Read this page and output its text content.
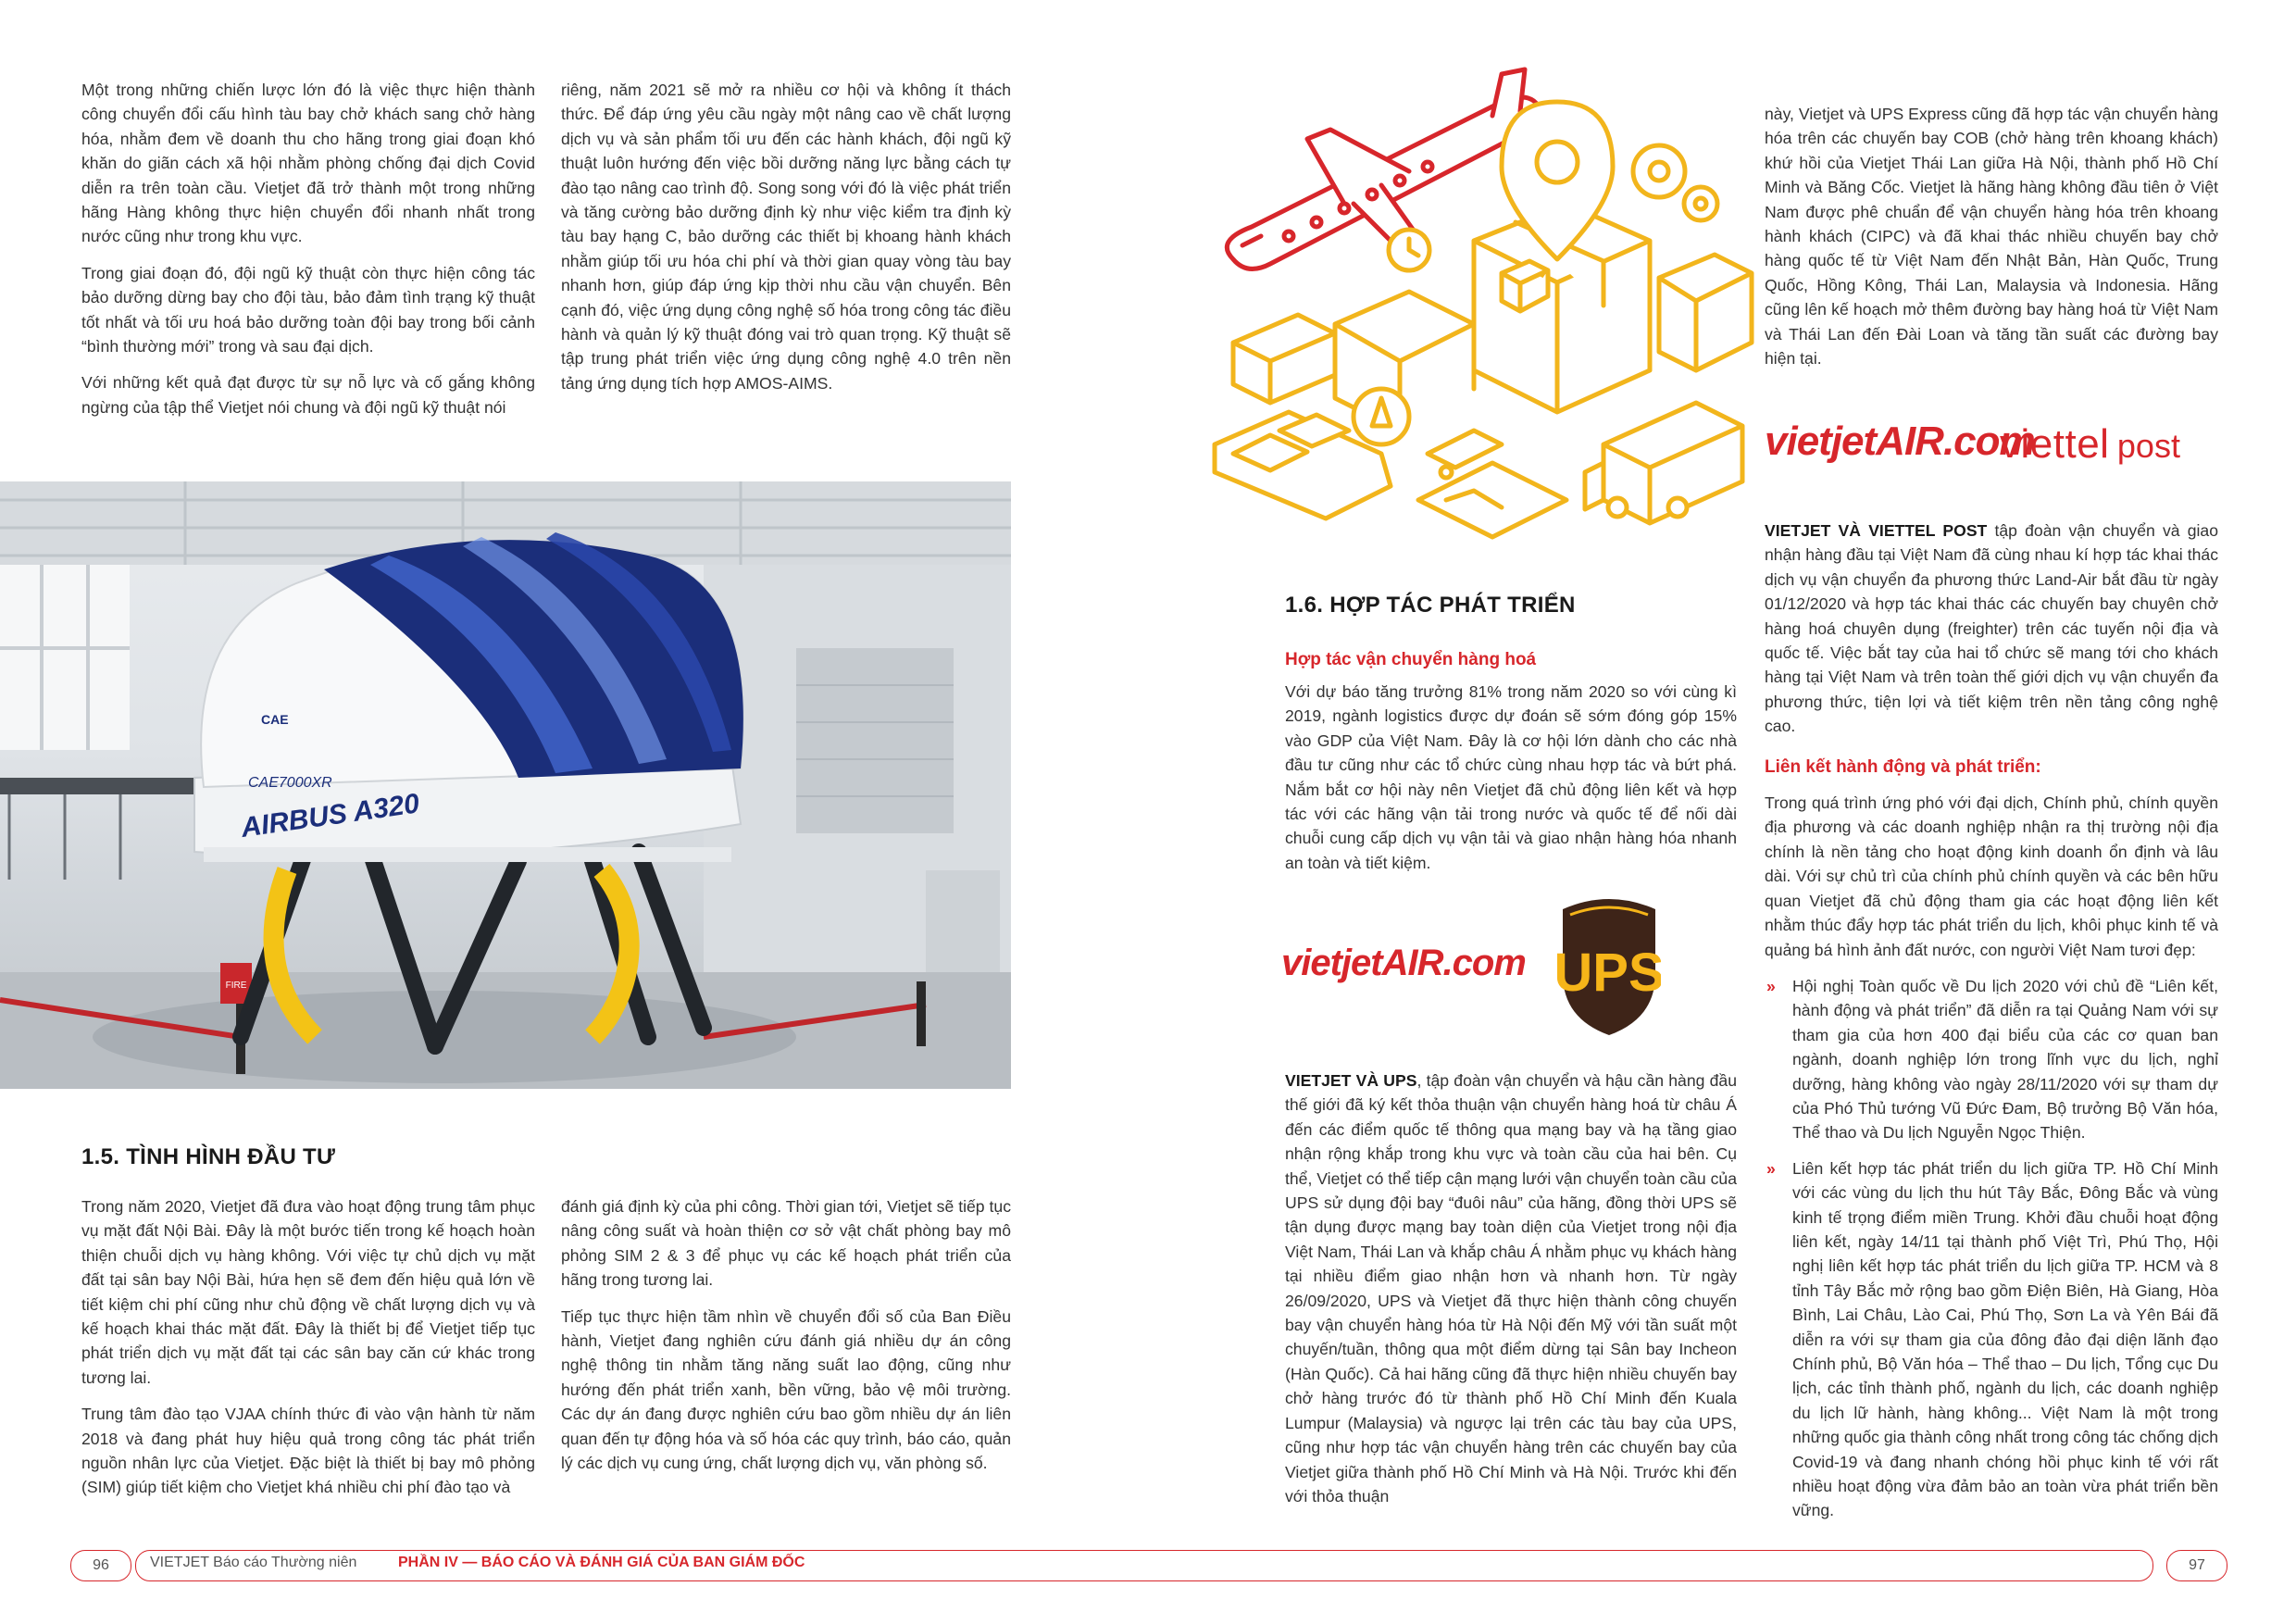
Một trong những chiến lược lớn đó là việc thực hiện thành công chuyển đổi cấu hình tàu bay chở khách sang chở hàng hóa, nhằm đem về doanh thu cho hãng trong giai đoạn khó khăn do giãn cách xã hội nhằm phòng chống đại dịch Covid diễn ra trên toàn cầu. Vietjet đã trở thành một trong những hãng Hàng không thực hiện chuyển đổi nhanh nhất trong nước cũng như trong khu vực.

Trong giai đoạn đó, đội ngũ kỹ thuật còn thực hiện công tác bảo dưỡng dừng bay cho đội tàu, bảo đảm tình trạng kỹ thuật tốt nhất và tối ưu hoá bảo dưỡng toàn đội bay trong bối cảnh “bình thường mới” trong và sau đại dịch.

Với những kết quả đạt được từ sự nỗ lực và cố gắng không ngừng của tập thể Vietjet nói chung và đội ngũ kỹ thuật nói

riêng, năm 2021 sẽ mở ra nhiều cơ hội và không ít thách thức. Để đáp ứng yêu cầu ngày một nâng cao về chất lượng dịch vụ và sản phẩm tối ưu đến các hành khách, đội ngũ kỹ thuật luôn hướng đến việc bồi dưỡng năng lực bằng cách tự đào tạo nâng cao trình độ. Song song với đó là việc phát triển và tăng cường bảo dưỡng định kỳ như việc kiểm tra định kỳ tàu bay hạng C, bảo dưỡng các thiết bị khoang hành khách nhằm giúp tối ưu hóa chi phí và thời gian quay vòng tàu bay nhanh hơn, giúp đáp ứng kịp thời nhu cầu vận chuyển. Bên cạnh đó, việc ứng dụng công nghệ số hóa trong công tác điều hành và quản lý kỹ thuật đóng vai trò quan trọng. Kỹ thuật sẽ tập trung phát triển việc ứng dụng công nghệ 4.0 trên nền tảng ứng dụng tích hợp AMOS-AIMS.

FIRE
AIRBUS A320
CAE
CAE7000XR
1.5. TÌNH HÌNH ĐẦU TƯ

Trong năm 2020, Vietjet đã đưa vào hoạt động trung tâm phục vụ mặt đất Nội Bài. Đây là một bước tiến trong kế hoạch hoàn thiện chuỗi dịch vụ hàng không. Với việc tự chủ dịch vụ mặt đất tại sân bay Nội Bài, hứa hẹn sẽ đem đến hiệu quả lớn về tiết kiệm chi phí cũng như chủ động về chất lượng dịch vụ và kế hoạch khai thác mặt đất. Đây là thiết bị để Vietjet tiếp tục phát triển dịch vụ mặt đất tại các sân bay căn cứ khác trong tương lai.

Trung tâm đào tạo VJAA chính thức đi vào vận hành từ năm 2018 và đang phát huy hiệu quả trong công tác phát triển nguồn nhân lực của Vietjet. Đặc biệt là thiết bị bay mô phỏng (SIM) giúp tiết kiệm cho Vietjet khá nhiều chi phí đào tạo và

đánh giá định kỳ của phi công. Thời gian tới, Vietjet sẽ tiếp tục nâng công suất và hoàn thiện cơ sở vật chất phòng bay mô phỏng SIM 2 & 3 để phục vụ các kế hoạch phát triển của hãng trong tương lai.

Tiếp tục thực hiện tầm nhìn về chuyển đổi số của Ban Điều hành, Vietjet đang nghiên cứu đánh giá nhiều dự án công nghệ thông tin nhằm tăng năng suất lao động, cũng như hướng đến phát triển xanh, bền vững, bảo vệ môi trường. Các dự án đang được nghiên cứu bao gồm nhiều dự án liên quan đến tự động hóa và số hóa các quy trình, báo cáo, quản lý các dịch vụ cung ứng, chất lượng dịch vụ, văn phòng số.

này, Vietjet và UPS Express cũng đã hợp tác vận chuyển hàng hóa trên các chuyến bay COB (chở hàng trên khoang khách) khứ hồi của Vietjet Thái Lan giữa Hà Nội, thành phố Hồ Chí Minh và Băng Cốc. Vietjet là hãng hàng không đầu tiên ở Việt Nam được phê chuẩn để vận chuyển hàng hóa trên khoang hành khách (CIPC) và đã khai thác nhiều chuyến bay chở hàng quốc tế từ Việt Nam đến Nhật Bản, Hàn Quốc, Trung Quốc, Hồng Kông, Thái Lan, Malaysia và Indonesia. Hãng cũng lên kế hoạch mở thêm đường bay hàng hoá từ Việt Nam và Thái Lan đến Đài Loan và tăng tần suất các đường bay hiện tại.

vietjetAIR.com
viettel post

VIETJET VÀ VIETTEL POST tập đoàn vận chuyển và giao nhận hàng đầu tại Việt Nam đã cùng nhau kí hợp tác khai thác dịch vụ vận chuyển đa phương thức Land-Air bắt đầu từ ngày 01/12/2020 và hợp tác khai thác các chuyến bay chuyên chở hàng hoá chuyên dụng (freighter) trên các tuyến nội địa và quốc tế. Việc bắt tay của hai tổ chức sẽ mang tới cho khách hàng tại Việt Nam và trên toàn thế giới dịch vụ vận chuyển đa phương thức, tiện lợi và tiết kiệm trên nền tảng công nghệ cao.

Liên kết hành động và phát triển:

Trong quá trình ứng phó với đại dịch, Chính phủ, chính quyền địa phương và các doanh nghiệp nhận ra thị trường nội địa chính là nền tảng cho hoạt động kinh doanh ổn định và lâu dài. Với sự chủ trì của chính phủ chính quyền và các bên hữu quan Vietjet đã chủ động tham gia các hoạt động liên kết nhằm thúc đẩy hợp tác phát triển du lịch, khôi phục kinh tế và quảng bá hình ảnh đất nước, con người Việt Nam tươi đẹp:

» Hội nghị Toàn quốc về Du lịch 2020 với chủ đề “Liên kết, hành động và phát triển” đã diễn ra tại Quảng Nam với sự tham gia của hơn 400 đại biểu của các cơ quan ban ngành, doanh nghiệp lớn trong lĩnh vực du lịch, nghỉ dưỡng, hàng không vào ngày 28/11/2020 với sự tham dự của Phó Thủ tướng Vũ Đức Đam, Bộ trưởng Bộ Văn hóa, Thể thao và Du lịch Nguyễn Ngọc Thiện.
» Liên kết hợp tác phát triển du lịch giữa TP. Hồ Chí Minh với các vùng du lịch thu hút Tây Bắc, Đông Bắc và vùng kinh tế trọng điểm miền Trung. Khởi đầu chuỗi hoạt động liên kết, ngày 14/11 tại thành phố Việt Trì, Phú Thọ, Hội nghị liên kết hợp tác phát triển du lịch giữa TP. HCM và 8 tỉnh Tây Bắc mở rộng bao gồm Điện Biên, Hà Giang, Hòa Bình, Lai Châu, Lào Cai, Phú Thọ, Sơn La và Yên Bái đã diễn ra với sự tham gia của đông đảo đại diện lãnh đạo Chính phủ, Bộ Văn hóa – Thể thao – Du lịch, Tổng cục Du lịch, các tỉnh thành phố, ngành du lịch, các doanh nghiệp du lịch lữ hành, hàng không... Việt Nam là một trong những quốc gia thành công nhất trong công tác chống dịch Covid-19 và đang nhanh chóng hồi phục kinh tế với rất nhiều hoạt động vừa đảm bảo an toàn vừa phát triển bền vững.
1.6. HỢP TÁC PHÁT TRIỂN
Hợp tác vận chuyển hàng hoá

Với dự báo tăng trưởng 81% trong năm 2020 so với cùng kì 2019, ngành logistics được dự đoán sẽ sớm đóng góp 15% vào GDP của Việt Nam. Đây là cơ hội lớn dành cho các nhà đầu tư cũng như các tổ chức cùng nhau hợp tác và bứt phá. Nắm bắt cơ hội này nên Vietjet đã chủ động liên kết và hợp tác với các hãng vận tải trong nước và quốc tế để nối dài chuỗi cung cấp dịch vụ vận tải và giao nhận hàng hóa nhanh an toàn và tiết kiệm.

vietjetAIR.com UPS

VIETJET VÀ UPS, tập đoàn vận chuyển và hậu cần hàng đầu thế giới đã ký kết thỏa thuận vận chuyển hàng hoá từ châu Á đến các điểm quốc tế thông qua mạng bay và hạ tầng giao nhận rộng khắp trong khu vực và toàn cầu của hai bên. Cụ thể, Vietjet có thể tiếp cận mạng lưới vận chuyển toàn cầu của UPS sử dụng đội bay “đuôi nâu” của hãng, đồng thời UPS sẽ tận dụng được mạng bay toàn diện của Vietjet trong nội địa Việt Nam, Thái Lan và khắp châu Á nhằm phục vụ khách hàng tại nhiều điểm giao nhận hơn và nhanh hơn. Từ ngày 26/09/2020, UPS và Vietjet đã thực hiện thành công chuyến bay vận chuyển hàng hóa từ Hà Nội đến Mỹ với tần suất một chuyến/tuần, thông qua một điểm dừng tại Sân bay Incheon (Hàn Quốc). Cả hai hãng cũng đã thực hiện nhiều chuyến bay chở hàng trước đó từ thành phố Hồ Chí Minh đến Kuala Lumpur (Malaysia) và ngược lại trên các tàu bay của UPS, cũng như hợp tác vận chuyển hàng trên các chuyến bay của Vietjet giữa thành phố Hồ Chí Minh và Hà Nội. Trước khi đến với thỏa thuận

96	VIETJET Báo cáo Thường niên	PHẦN IV — BÁO CÁO VÀ ĐÁNH GIÁ CỦA BAN GIÁM ĐỐC	97
